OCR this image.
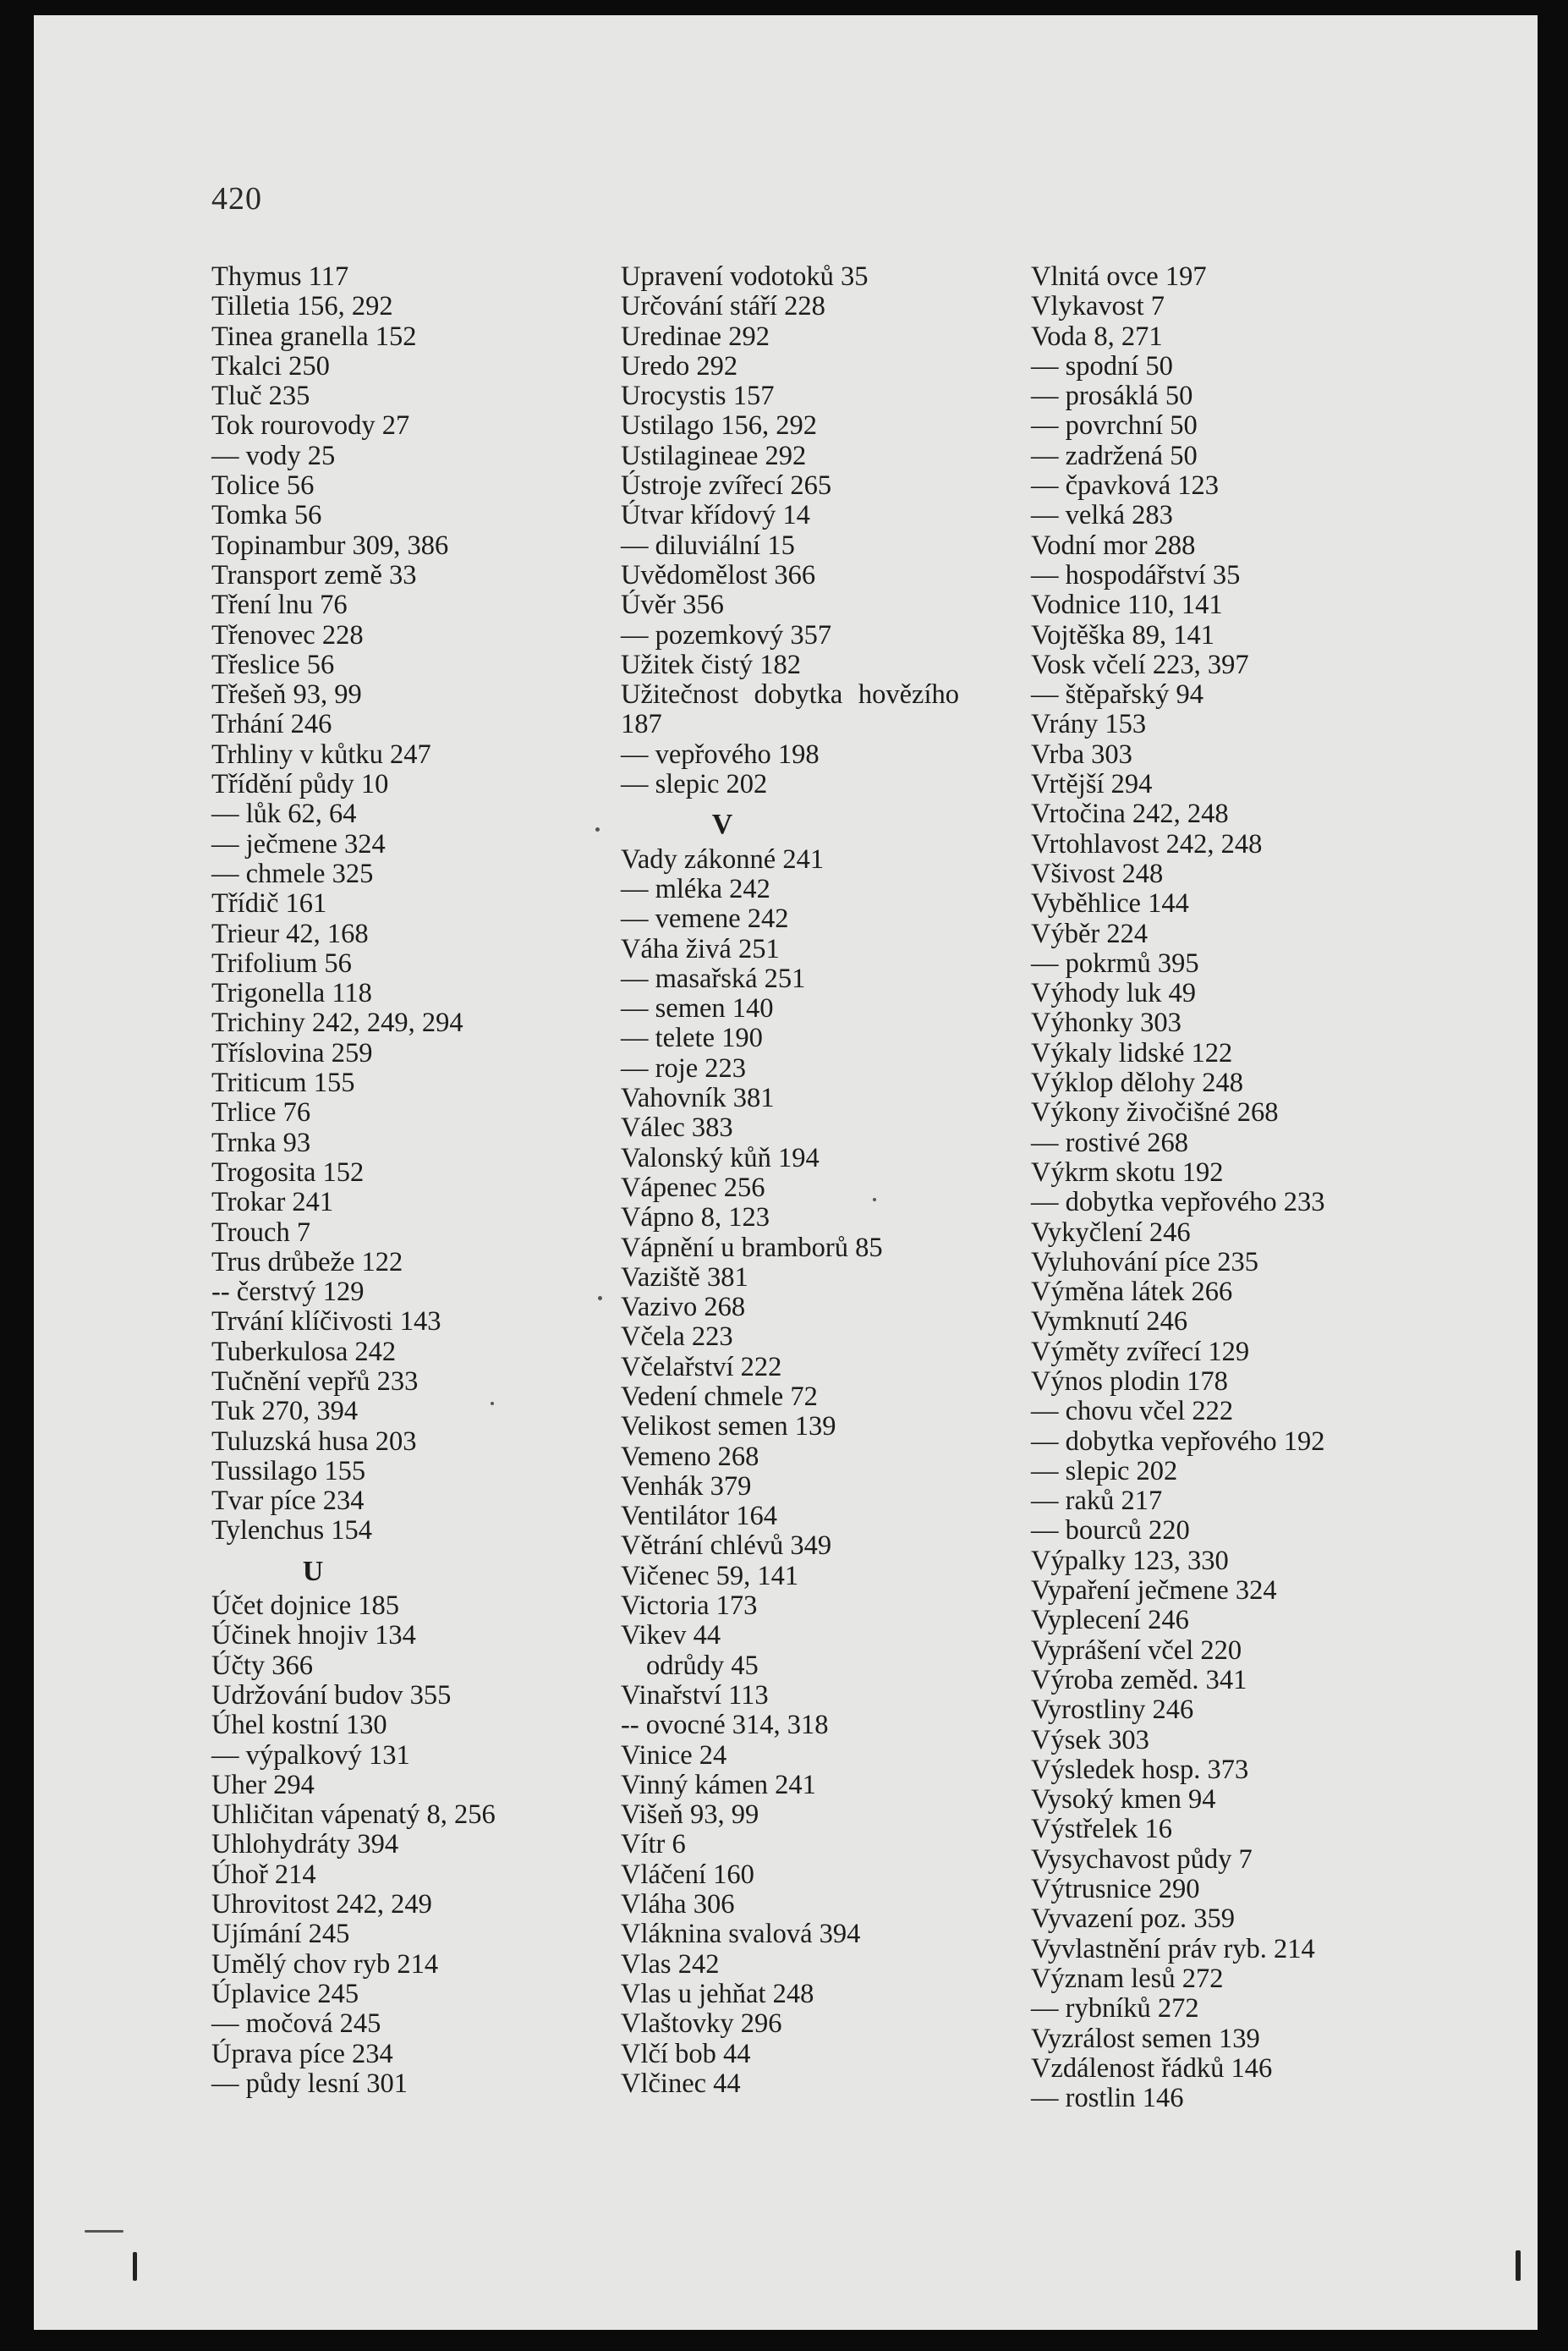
420
Thymus 117
Tilletia 156, 292
Tinea granella 152
Tkalci 250
Tluč 235
Tok rourovody 27
— vody 25
Tolice 56
Tomka 56
Topinambur 309, 386
Transport země 33
Tření lnu 76
Třenovec 228
Třeslice 56
Třešeň 93, 99
Trhání 246
Trhliny v kůtku 247
Třídění půdy 10
— lůk 62, 64
— ječmene 324
— chmele 325
Třídič 161
Trieur 42, 168
Trifolium 56
Trigonella 118
Trichiny 242, 249, 294
Tříslovina 259
Triticum 155
Trlice 76
Trnka 93
Trogosita 152
Trokar 241
Trouch 7
Trus drůbeže 122
-- čerstvý 129
Trvání klíčivosti 143
Tuberkulosa 242
Tučnění vepřů 233
Tuk 270, 394
Tuluzská husa 203
Tussilago 155
Tvar píce 234
Tylenchus 154
U
Účet dojnice 185
Účinek hnojiv 134
Účty 366
Udržování budov 355
Úhel kostní 130
— výpalkový 131
Uher 294
Uhličitan vápenatý 8, 256
Uhlohydráty 394
Úhoř 214
Uhrovitost 242, 249
Ujímání 245
Umělý chov ryb 214
Úplavice 245
— močová 245
Úprava píce 234
— půdy lesní 301
Upravení vodotoků 35
Určování stáří 228
Uredinae 292
Uredo 292
Urocystis 157
Ustilago 156, 292
Ustilagineae 292
Ústroje zvířecí 265
Útvar křídový 14
— diluviální 15
Uvědomělost 366
Úvěr 356
— pozemkový 357
Užitek čistý 182
Užitečnost dobytka hovězího 187
— vepřového 198
— slepic 202
V
Vady zákonné 241
— mléka 242
— vemene 242
Váha živá 251
— masařská 251
— semen 140
— telete 190
— roje 223
Vahovník 381
Válec 383
Valonský kůň 194
Vápenec 256
Vápno 8, 123
Vápnění u bramborů 85
Vaziště 381
Vazivo 268
Včela 223
Včelařství 222
Vedení chmele 72
Velikost semen 139
Vemeno 268
Venhák 379
Ventilátor 164
Větrání chlévů 349
Vičenec 59, 141
Victoria 173
Vikev 44
odrůdy 45
Vinařství 113
-- ovocné 314, 318
Vinice 24
Vinný kámen 241
Višeň 93, 99
Vítr 6
Vláčení 160
Vláha 306
Vláknina svalová 394
Vlas 242
Vlas u jehňat 248
Vlaštovky 296
Vlčí bob 44
Vlčinec 44
Vlnitá ovce 197
Vlykavost 7
Voda 8, 271
— spodní 50
— prosáklá 50
— povrchní 50
— zadržená 50
— čpavková 123
— velká 283
Vodní mor 288
— hospodářství 35
Vodnice 110, 141
Vojtěška 89, 141
Vosk včelí 223, 397
— štěpařský 94
Vrány 153
Vrba 303
Vrtější 294
Vrtočina 242, 248
Vrtohlavost 242, 248
Všivost 248
Vyběhlice 144
Výběr 224
— pokrmů 395
Výhody luk 49
Výhonky 303
Výkaly lidské 122
Výklop dělohy 248
Výkony živočišné 268
— rostivé 268
Výkrm skotu 192
— dobytka vepřového 233
Vykyčlení 246
Vyluhování píce 235
Výměna látek 266
Vymknutí 246
Výměty zvířecí 129
Výnos plodin 178
— chovu včel 222
— dobytka vepřového 192
— slepic 202
— raků 217
— bourců 220
Výpalky 123, 330
Vypaření ječmene 324
Vyplecení 246
Vyprášení včel 220
Výroba zeměd. 341
Vyrostliny 246
Výsek 303
Výsledek hosp. 373
Vysoký kmen 94
Výstřelek 16
Vysychavost půdy 7
Výtrusnice 290
Vyvazení poz. 359
Vyvlastnění práv ryb. 214
Význam lesů 272
— rybníků 272
Vyzrálost semen 139
Vzdálenost řádků 146
— rostlin 146
